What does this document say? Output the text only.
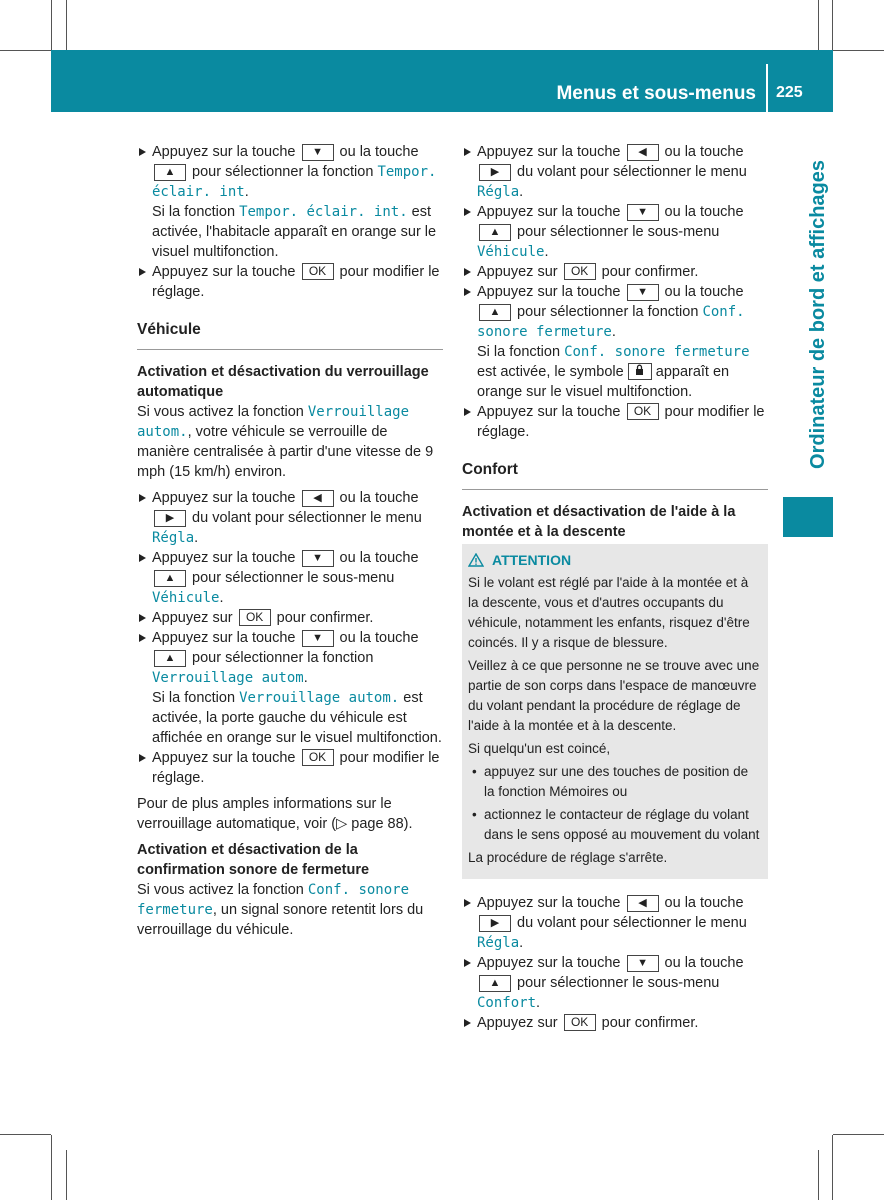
Menus et sous-menus 225
Ordinateur de bord et affichages

Appuyez sur la touche ▼ ou la touche ▲ pour sélectionner la fonction Tempor. éclair. int.
Si la fonction Tempor. éclair. int. est activée, l'habitacle apparaît en orange sur le visuel multifonction.

Appuyez sur la touche OK pour modifier le réglage.

Véhicule

Activation et désactivation du verrouillage automatique

Si vous activez la fonction Verrouillage autom., votre véhicule se verrouille de manière centralisée à partir d'une vitesse de 9 mph (15 km/h) environ.

Appuyez sur la touche ◀ ou la touche ▶ du volant pour sélectionner le menu Régla.

Appuyez sur la touche ▼ ou la touche ▲ pour sélectionner le sous-menu Véhicule.

Appuyez sur OK pour confirmer.

Appuyez sur la touche ▼ ou la touche ▲ pour sélectionner la fonction Verrouillage autom.
Si la fonction Verrouillage autom. est activée, la porte gauche du véhicule est affichée en orange sur le visuel multifonction.

Appuyez sur la touche OK pour modifier le réglage.

Pour de plus amples informations sur le verrouillage automatique, voir (▷ page 88).

Activation et désactivation de la confirmation sonore de fermeture

Si vous activez la fonction Conf. sonore fermeture, un signal sonore retentit lors du verrouillage du véhicule.

Appuyez sur la touche ◀ ou la touche ▶ du volant pour sélectionner le menu Régla.

Appuyez sur la touche ▼ ou la touche ▲ pour sélectionner le sous-menu Véhicule.

Appuyez sur OK pour confirmer.

Appuyez sur la touche ▼ ou la touche ▲ pour sélectionner la fonction Conf. sonore fermeture.
Si la fonction Conf. sonore fermeture
est activée, le symbole apparaît en orange sur le visuel multifonction.

Appuyez sur la touche OK pour modifier le réglage.

Confort

Activation et désactivation de l'aide à la montée et à la descente

ATTENTION

Si le volant est réglé par l'aide à la montée et à la descente, vous et d'autres occupants du véhicule, notamment les enfants, risquez d'être coincés. Il y a risque de blessure.

Veillez à ce que personne ne se trouve avec une partie de son corps dans l'espace de manœuvre du volant pendant la procédure de réglage de l'aide à la montée et à la descente.

Si quelqu'un est coincé,

• appuyez sur une des touches de position de la fonction Mémoires ou

• actionnez le contacteur de réglage du volant dans le sens opposé au mouvement du volant

La procédure de réglage s'arrête.

Appuyez sur la touche ◀ ou la touche ▶ du volant pour sélectionner le menu Régla.

Appuyez sur la touche ▼ ou la touche ▲ pour sélectionner le sous-menu Confort.

Appuyez sur OK pour confirmer.
